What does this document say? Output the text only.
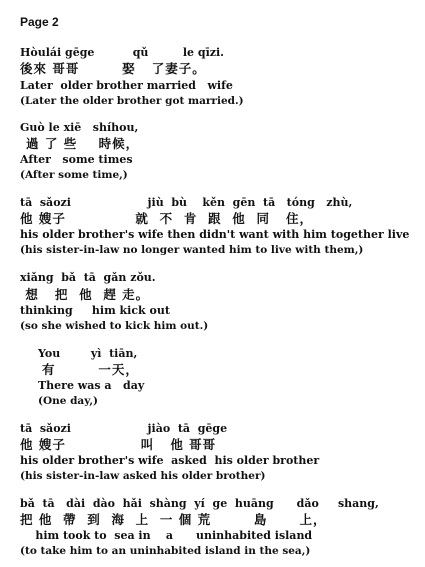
Page 2
Hòulái gēge          qǔ         le qīzi.
後來 哥哥        娶   了妻子。
Later  older brother married   wife
(Later the older brother got married.)
Guò le xiē   shíhou,
過 了 些    時候，
After   some times
(After some time,)
tā  sǎozi                    jiù  bù    kěn  gēn  tā   tóng   zhù,
他 嫂子             就  不  肯  跟  他  同   住，
his older brother's wife then didn't want with him together live
(his sister-in-law no longer wanted him to live with them,)
xiǎng  bǎ  tā  gǎn zǒu.
想   把  他  趕 走。
thinking     him kick out
(so she wished to kick him out.)
You        yì  tiān,
有        一天，
There was a   day
(One day,)
tā  sǎozi                    jiào  tā  gēge
他 嫂子              叫   他 哥哥
his older brother's wife  asked  his older brother
(his sister-in-law asked his older brother)
bǎ  tā   dài  dào  hǎi  shàng  yí  ge  huāng      dǎo     shang,
把 他  帶  到  海  上  一 個 荒        島      上，
him took to  sea in    a      uninhabited island
(to take him to an uninhabited island in the sea,)
